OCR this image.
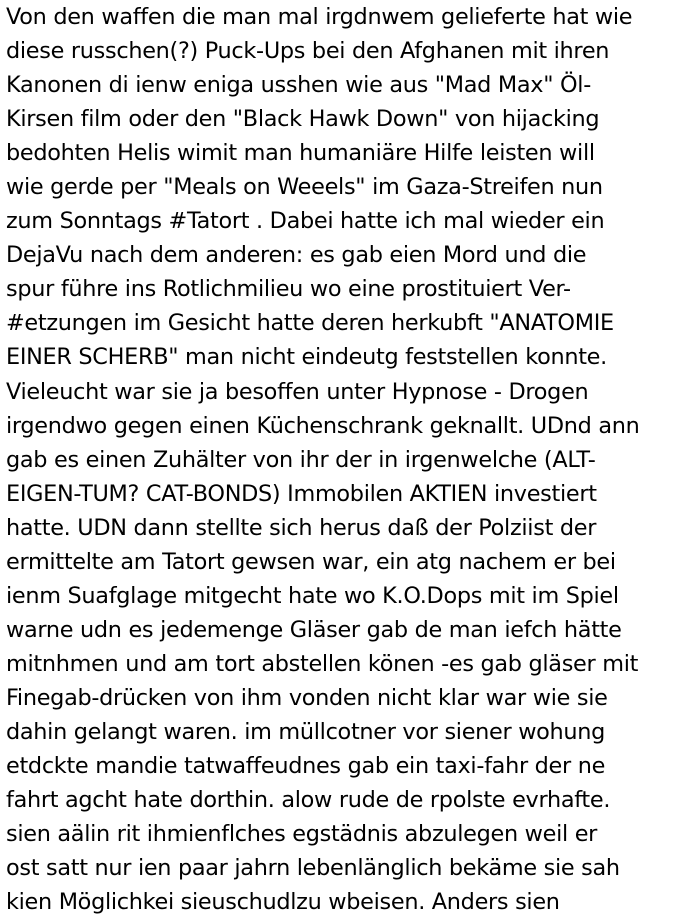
Von den waffen die man mal irgdnwem gelieferte hat wie
diese russchen(?) Puck-Ups bei den Afghanen mit ihren
Kanonen di ienw eniga usshen wie aus "Mad Max" Öl-
Kirsen film oder den "Black Hawk Down" von hijacking
bedohten Helis wimit man humaniäre Hilfe leisten will
wie gerde per "Meals on Weeels" im Gaza-Streifen nun
zum Sonntags #Tatort . Dabei hatte ich mal wieder ein
DejaVu nach dem anderen: es gab eien Mord und die
spur führe ins Rotlichmilieu wo eine prostituiert Ver-
#etzungen im Gesicht hatte deren herkubft "ANATOMIE
EINER SCHERB" man nicht eindeutg feststellen konnte.
Vieleucht war sie ja besoffen unter Hypnose - Drogen
irgendwo gegen einen Küchenschrank geknallt. UDnd ann
gab es einen Zuhälter von ihr der in irgenwelche (ALT-
EIGEN-TUM? CAT-BONDS) Immobilen AKTIEN investiert
hatte. UDN dann stellte sich herus daß der Polziist der
ermittelte am Tatort gewsen war, ein atg nachem er bei
ienm Suafglage mitgecht hate wo K.O.Dops mit im Spiel
warne udn es jedemenge Gläser gab de man iefch hätte
mitnhmen und am tort abstellen könen -es gab gläser mit
Finegab-drücken von ihm vonden nicht klar war wie sie
dahin gelangt waren. im müllcotner vor siener wohung
etdckte mandie tatwaffeudnes gab ein taxi-fahr der ne
fahrt agcht hate dorthin. alow rude de rpolste evrhafte.
sien aälin rit ihmienflches egstädnis abzulegen weil er
ost satt nur ien paar jahrn lebenlänglich bekäme sie sah
kien Möglichkei sieuschudlzu wbeisen. Anders sien
